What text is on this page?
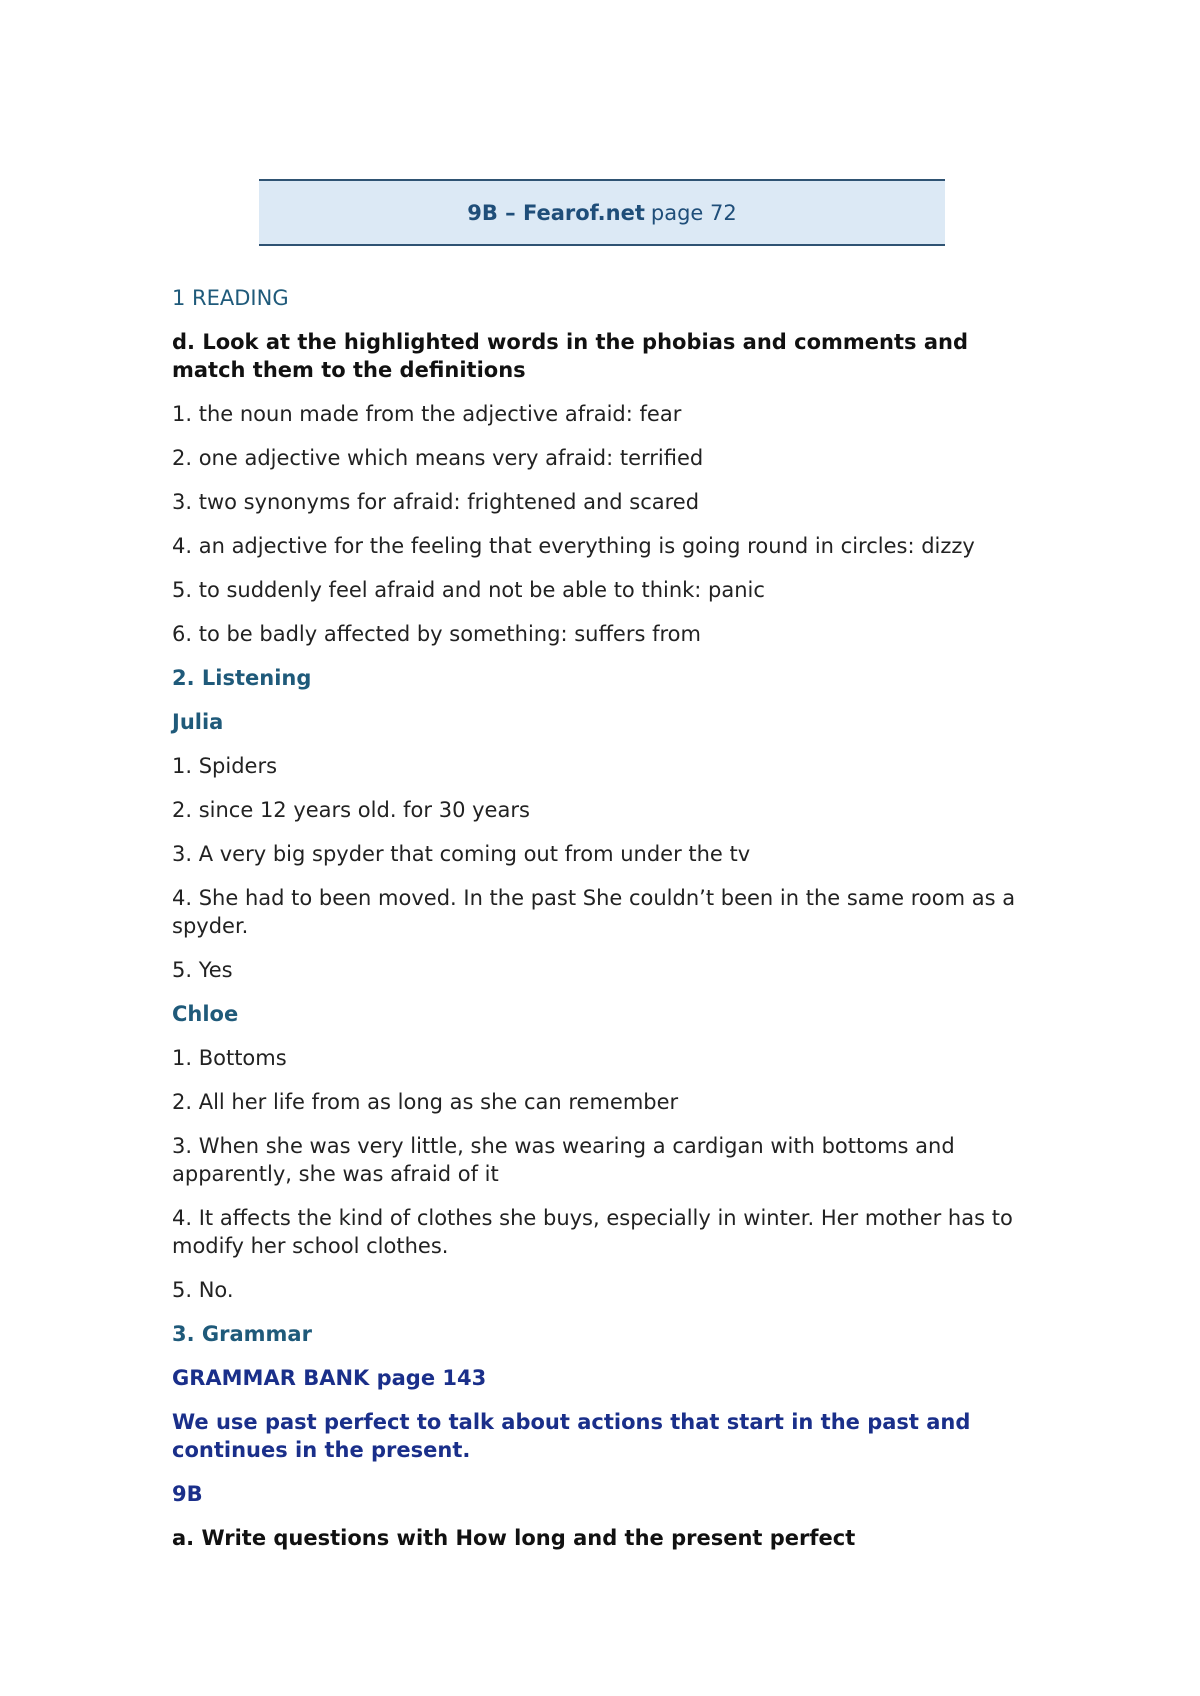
9B – Fearof.net page 72

1 READING

d. Look at the highlighted words in the phobias and comments and match them to the definitions

1. the noun made from the adjective afraid: fear

2. one adjective which means very afraid: terrified

3. two synonyms for afraid: frightened and scared

4. an adjective for the feeling that everything is going round in circles: dizzy

5. to suddenly feel afraid and not be able to think: panic

6. to be badly affected by something: suffers from

2. Listening

Julia

1. Spiders

2. since 12 years old. for 30 years

3. A very big spyder that coming out from under the tv

4. She had to been moved. In the past She couldn’t been in the same room as a spyder.

5. Yes

Chloe

1. Bottoms

2. All her life from as long as she can remember

3. When she was very little, she was wearing a cardigan with bottoms and apparently, she was afraid of it

4. It affects the kind of clothes she buys, especially in winter. Her mother has to modify her school clothes.

5. No.

3. Grammar

GRAMMAR BANK page 143

We use past perfect to talk about actions that start in the past and continues in the present.

9B

a. Write questions with How long and the present perfect
